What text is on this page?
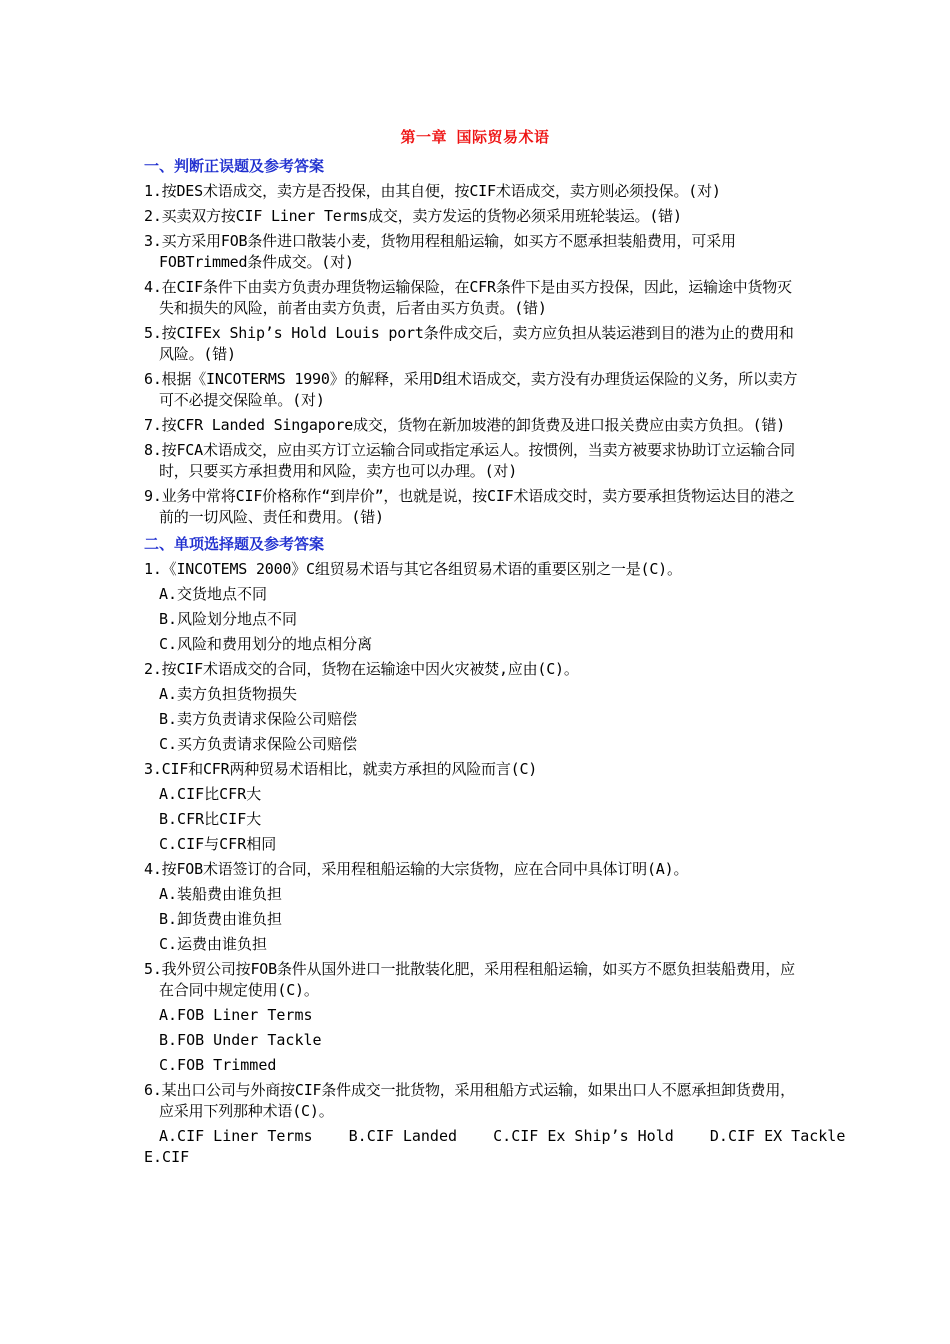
第一章 国际贸易术语
一、判断正误题及参考答案
1.按DES术语成交，卖方是否投保，由其自便，按CIF术语成交，卖方则必须投保。(对)
2.买卖双方按CIF Liner Terms成交，卖方发运的货物必须采用班轮装运。(错)
3.买方采用FOB条件进口散装小麦，货物用程租船运输，如买方不愿承担装船费用，可采用FOBTrimmed条件成交。(对)
4.在CIF条件下由卖方负责办理货物运输保险，在CFR条件下是由买方投保，因此，运输途中货物灭失和损失的风险，前者由卖方负责，后者由买方负责。(错)
5.按CIFEx Ship’s Hold Louis port条件成交后，卖方应负担从装运港到目的港为止的费用和风险。(错)
6.根据《INCOTERMS 1990》的解释，采用D组术语成交，卖方没有办理货运保险的义务，所以卖方可不必提交保险单。(对)
7.按CFR Landed Singapore成交，货物在新加坡港的卸货费及进口报关费应由卖方负担。(错)
8.按FCA术语成交，应由买方订立运输合同或指定承运人。按惯例，当卖方被要求协助订立运输合同时，只要买方承担费用和风险，卖方也可以办理。(对)
9.业务中常将CIF价格称作“到岸价”，也就是说，按CIF术语成交时，卖方要承担货物运达目的港之前的一切风险、责任和费用。(错)
二、单项选择题及参考答案
1.《INCOTEMS 2000》C组贸易术语与其它各组贸易术语的重要区别之一是(C)。
A.交货地点不同
B.风险划分地点不同
C.风险和费用划分的地点相分离
2.按CIF术语成交的合同，货物在运输途中因火灾被焚,应由(C)。
A.卖方负担货物损失
B.卖方负责请求保险公司赔偿
C.买方负责请求保险公司赔偿
3.CIF和CFR两种贸易术语相比，就卖方承担的风险而言(C)
A.CIF比CFR大
B.CFR比CIF大
C.CIF与CFR相同
4.按FOB术语签订的合同，采用程租船运输的大宗货物，应在合同中具体订明(A)。
A.装船费由谁负担
B.卸货费由谁负担
C.运费由谁负担
5.我外贸公司按FOB条件从国外进口一批散装化肥，采用程租船运输，如买方不愿负担装船费用，应在合同中规定使用(C)。
A.FOB Liner Terms
B.FOB Under Tackle
C.FOB Trimmed
6.某出口公司与外商按CIF条件成交一批货物，采用租船方式运输，如果出口人不愿承担卸货费用，应采用下列那种术语(C)。
A.CIF Liner Terms B.CIF Landed C.CIF Ex Ship’s Hold D.CIF EX Tackle
E.CIF
